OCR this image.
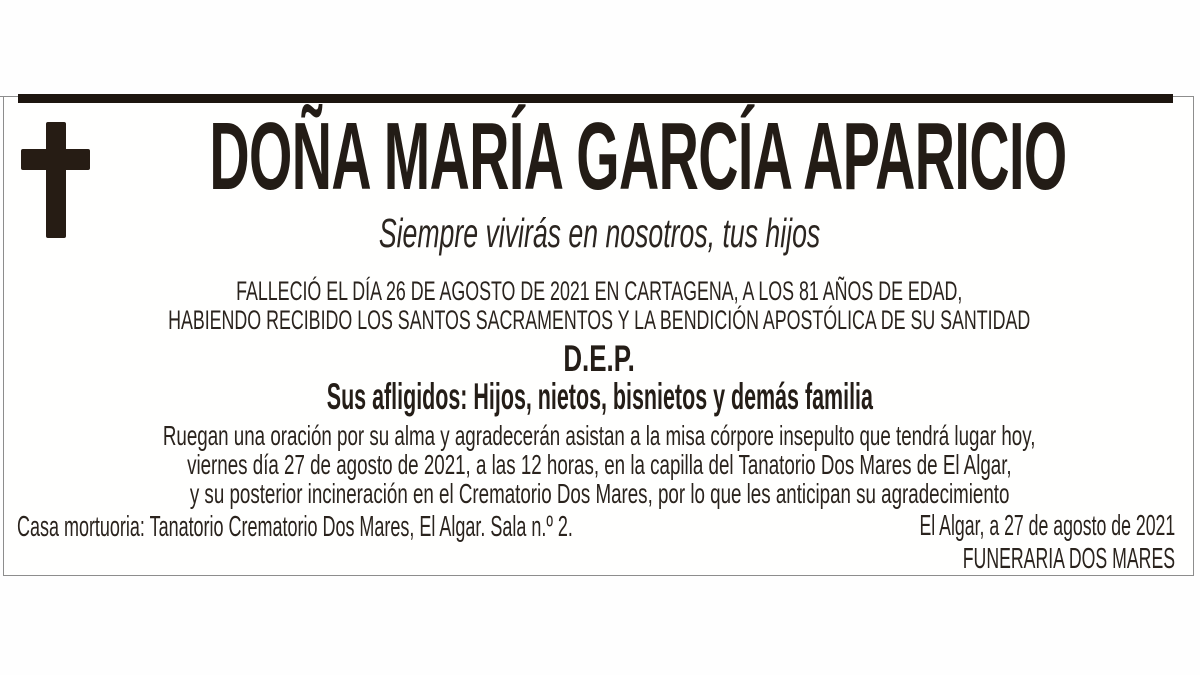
DOÑA MARÍA GARCÍA APARICIO
Siempre vivirás en nosotros, tus hijos
FALLECIÓ EL DÍA 26 DE AGOSTO DE 2021 EN CARTAGENA, A LOS 81 AÑOS DE EDAD,
HABIENDO RECIBIDO LOS SANTOS SACRAMENTOS Y LA BENDICIÓN APOSTÓLICA DE SU SANTIDAD
D.E.P.
Sus afligidos: Hijos, nietos, bisnietos y demás familia
Ruegan una oración por su alma y agradecerán asistan a la misa córpore insepulto que tendrá lugar hoy,
viernes día 27 de agosto de 2021, a las 12 horas, en la capilla del Tanatorio Dos Mares de El Algar,
y su posterior incineración en el Crematorio Dos Mares, por lo que les anticipan su agradecimiento
Casa mortuoria: Tanatorio Crematorio Dos Mares, El Algar. Sala n.º 2.	El Algar, a 27 de agosto de 2021
FUNERARIA DOS MARES
